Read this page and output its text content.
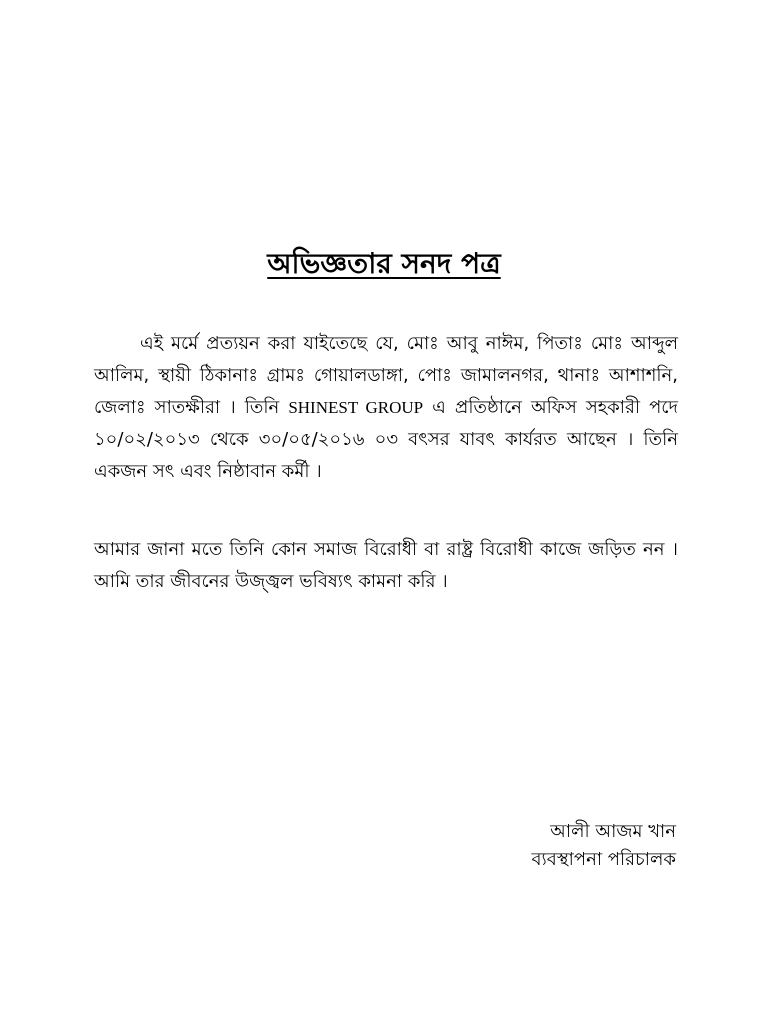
অভিজ্ঞতার সনদ পত্র

এই মর্মে প্রত্যয়ন করা যাইতেছে যে, মোঃ আবু নাঈম, পিতাঃ মোঃ আব্দুল আলিম, স্থায়ী ঠিকানাঃ গ্রামঃ গোয়ালডাঙ্গা, পোঃ জামালনগর, থানাঃ আশাশনি, জেলাঃ সাতক্ষীরা । তিনি SHINEST GROUP এ প্রতিষ্ঠানে অফিস সহকারী পদে ১০/০২/২০১৩ থেকে ৩০/০৫/২০১৬ ০৩ বৎসর যাবৎ কার্যরত আছেন । তিনি একজন সৎ এবং নিষ্ঠাবান কর্মী ।

আমার জানা মতে তিনি কোন সমাজ বিরোধী বা রাষ্ট্র বিরোধী কাজে জড়িত নন । আমি তার জীবনের উজ্জ্বল ভবিষ্যৎ কামনা করি ।

আলী আজম খান
ব্যবস্থাপনা পরিচালক
